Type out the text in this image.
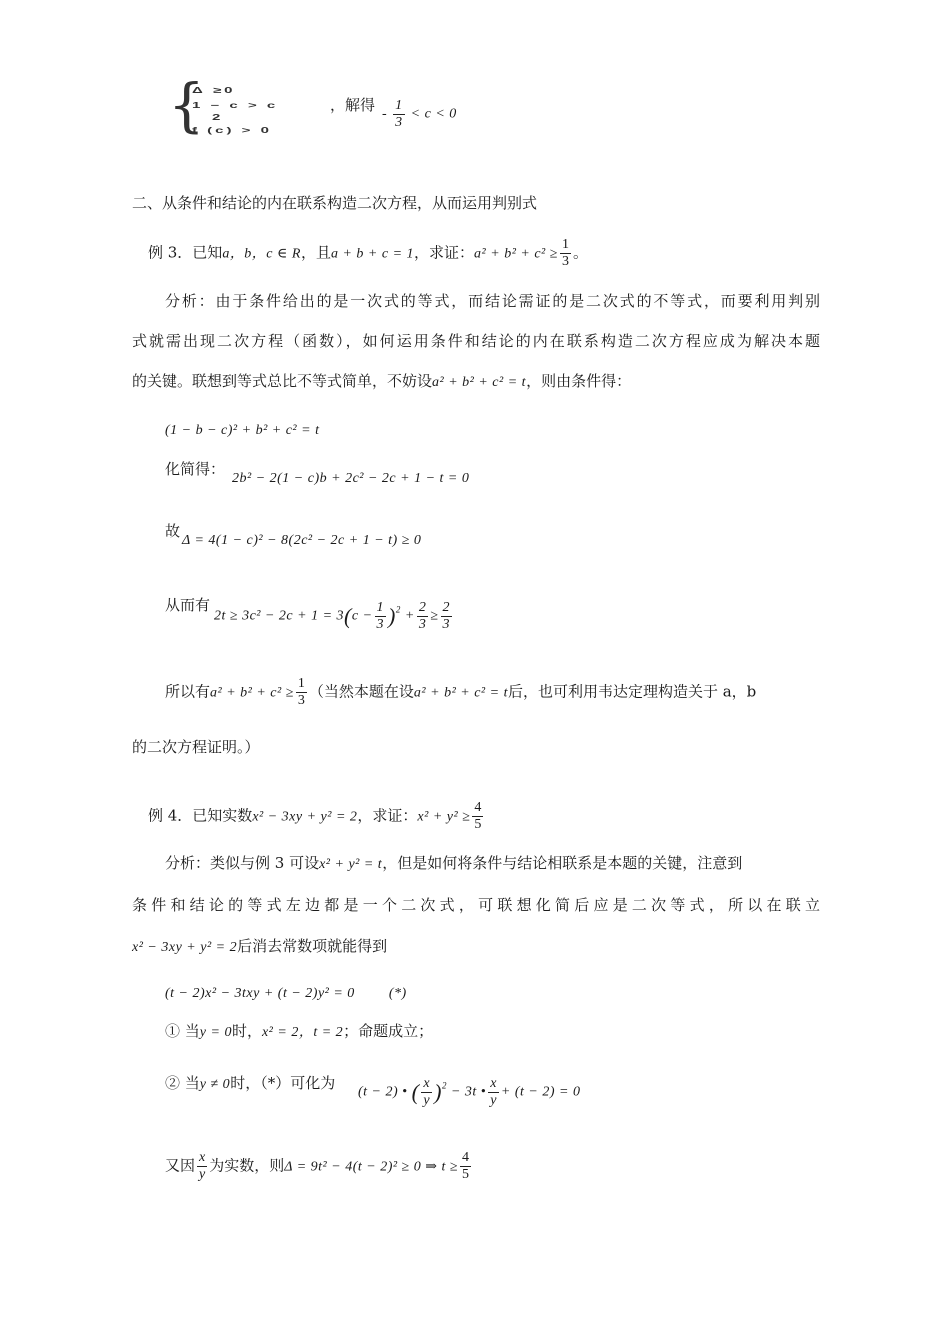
{
Δ ≥0
1 − c > c
2
f (c) > 0
，解得
- $\frac{1}{3} < c < 0$
二、从条件和结论的内在联系构造二次方程，从而运用判别式
例 3．已知a，b，c ∈ R，且a + b + c = 1，求证：$a^2 + b^2 + c^2 \ge \frac{1}{3}$ 。
分析：由于条件给出的是一次式的等式，而结论需证的是二次式的不等式，而要利用判别
式就需出现二次方程（函数），如何运用条件和结论的内在联系构造二次方程应成为解决本题
的关键。联想到等式总比不等式简单，不妨设a² + b² + c² = t，则由条件得：
(1 − b − c)² + b² + c² = t
化简得：
2b² − 2(1 − c)b + 2c² − 2c + 1 − t = 0
故
Δ = 4(1 − c)² − 8(2c² − 2c + 1 − t) ≥ 0
从而有
$2t \ge 3c^2 - 2c + 1 = 3(c - \frac{1}{3} )^2 + \frac{2}{3} \ge \frac{2}{3}$
所以有$a^2 + b^2 + c^2 \ge \frac{1}{3}$ （当然本题在设a² + b² + c² = t后，也可利用韦达定理构造关于 a，b
的二次方程证明。）
例 4．已知实数x² − 3xy + y² = 2，求证：$x^2 + y^2 \ge \frac{4}{5}$
分析：类似与例 3 可设x² + y² = t，但是如何将条件与结论相联系是本题的关键，注意到
条件和结论的等式左边都是一个二次式，可联想化简后应是二次等式，所以在联立
x² − 3xy + y² = 2后消去常数项就能得到
(t − 2)x² − 3txy + (t − 2)y² = 0 (*)
① 当y = 0时，x² = 2，t = 2；命题成立；
② 当y ≠ 0时，（*）可化为
(t − 2) • ( $\frac{x}{y} )^2 - 3t$ • $\frac{x}{y} + (t - 2) = 0$
又因 $\frac{x}{y}$ 为实数，则Δ = 9t² − 4(t − 2)² ≥ 0 ⇒ $t \ge \frac{4}{5}$
